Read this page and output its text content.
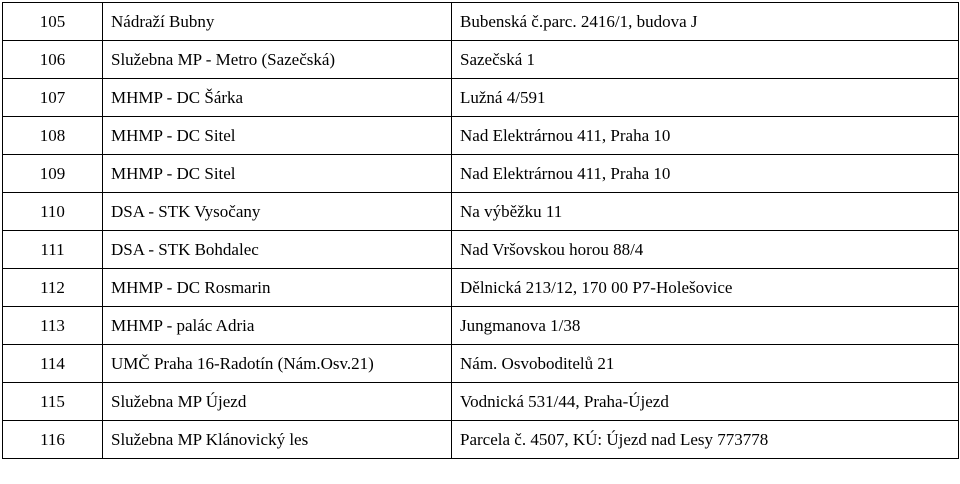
105	Nádraží Bubny	Bubenská č.parc. 2416/1, budova J
106	Služebna MP - Metro (Sazečská)	Sazečská 1
107	MHMP - DC Šárka	Lužná 4/591
108	MHMP - DC Sitel	Nad Elektrárnou 411, Praha 10
109	MHMP - DC Sitel	Nad Elektrárnou 411, Praha 10
110	DSA - STK Vysočany	Na výběžku 11
111	DSA - STK Bohdalec	Nad Vršovskou horou 88/4
112	MHMP - DC Rosmarin	Dělnická 213/12, 170 00 P7-Holešovice
113	MHMP - palác Adria	Jungmanova 1/38
114	UMČ Praha 16-Radotín (Nám.Osv.21)	Nám. Osvoboditelů 21
115	Služebna MP Újezd	Vodnická 531/44, Praha-Újezd
116	Služebna MP Klánovický les	Parcela č. 4507, KÚ: Újezd nad Lesy 773778
